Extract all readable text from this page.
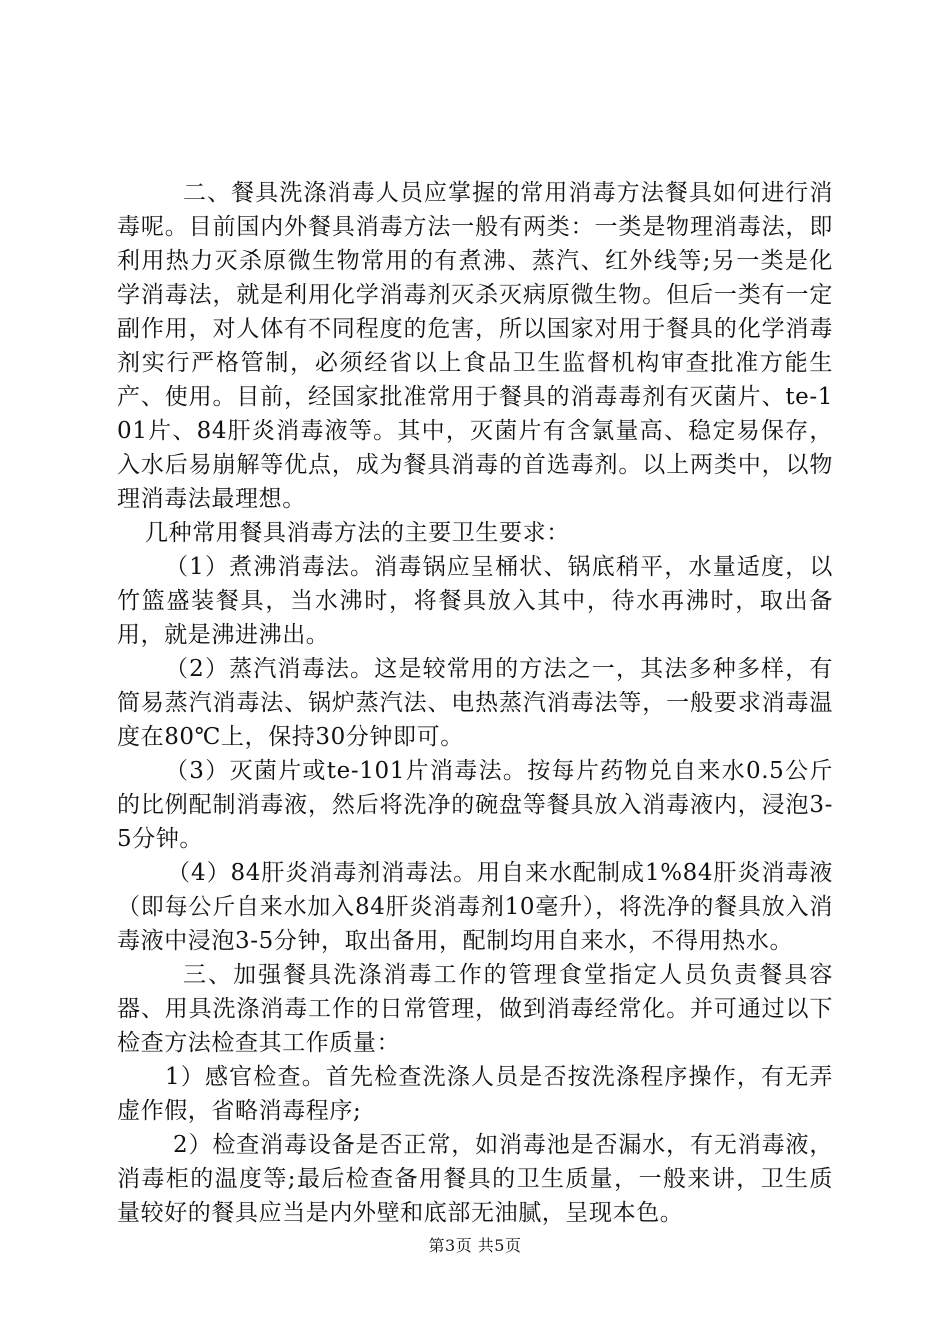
二、餐具洗涤消毒人员应掌握的常用消毒方法餐具如何进行消毒呢。目前国内外餐具消毒方法一般有两类：一类是物理消毒法，即利用热力灭杀原微生物常用的有煮沸、蒸汽、红外线等;另一类是化学消毒法，就是利用化学消毒剂灭杀灭病原微生物。但后一类有一定副作用，对人体有不同程度的危害，所以国家对用于餐具的化学消毒剂实行严格管制，必须经省以上食品卫生监督机构审查批准方能生产、使用。目前，经国家批准常用于餐具的消毒毒剂有灭菌片、te-101片、84肝炎消毒液等。其中，灭菌片有含氯量高、稳定易保存，入水后易崩解等优点，成为餐具消毒的首选毒剂。以上两类中，以物理消毒法最理想。

几种常用餐具消毒方法的主要卫生要求：

（1）煮沸消毒法。消毒锅应呈桶状、锅底稍平，水量适度，以竹篮盛装餐具，当水沸时，将餐具放入其中，待水再沸时，取出备用，就是沸进沸出。

（2）蒸汽消毒法。这是较常用的方法之一，其法多种多样，有简易蒸汽消毒法、锅炉蒸汽法、电热蒸汽消毒法等，一般要求消毒温度在80℃上，保持30分钟即可。

（3）灭菌片或te-101片消毒法。按每片药物兑自来水0.5公斤的比例配制消毒液，然后将洗净的碗盘等餐具放入消毒液内，浸泡3-5分钟。

（4）84肝炎消毒剂消毒法。用自来水配制成1%84肝炎消毒液（即每公斤自来水加入84肝炎消毒剂10毫升），将洗净的餐具放入消毒液中浸泡3-5分钟，取出备用，配制均用自来水，不得用热水。

三、加强餐具洗涤消毒工作的管理食堂指定人员负责餐具容器、用具洗涤消毒工作的日常管理，做到消毒经常化。并可通过以下检查方法检查其工作质量：

1）感官检查。首先检查洗涤人员是否按洗涤程序操作，有无弄虚作假，省略消毒程序;

2）检查消毒设备是否正常，如消毒池是否漏水，有无消毒液，消毒柜的温度等;最后检查备用餐具的卫生质量，一般来讲，卫生质量较好的餐具应当是内外壁和底部无油腻，呈现本色。

第3页 共5页
